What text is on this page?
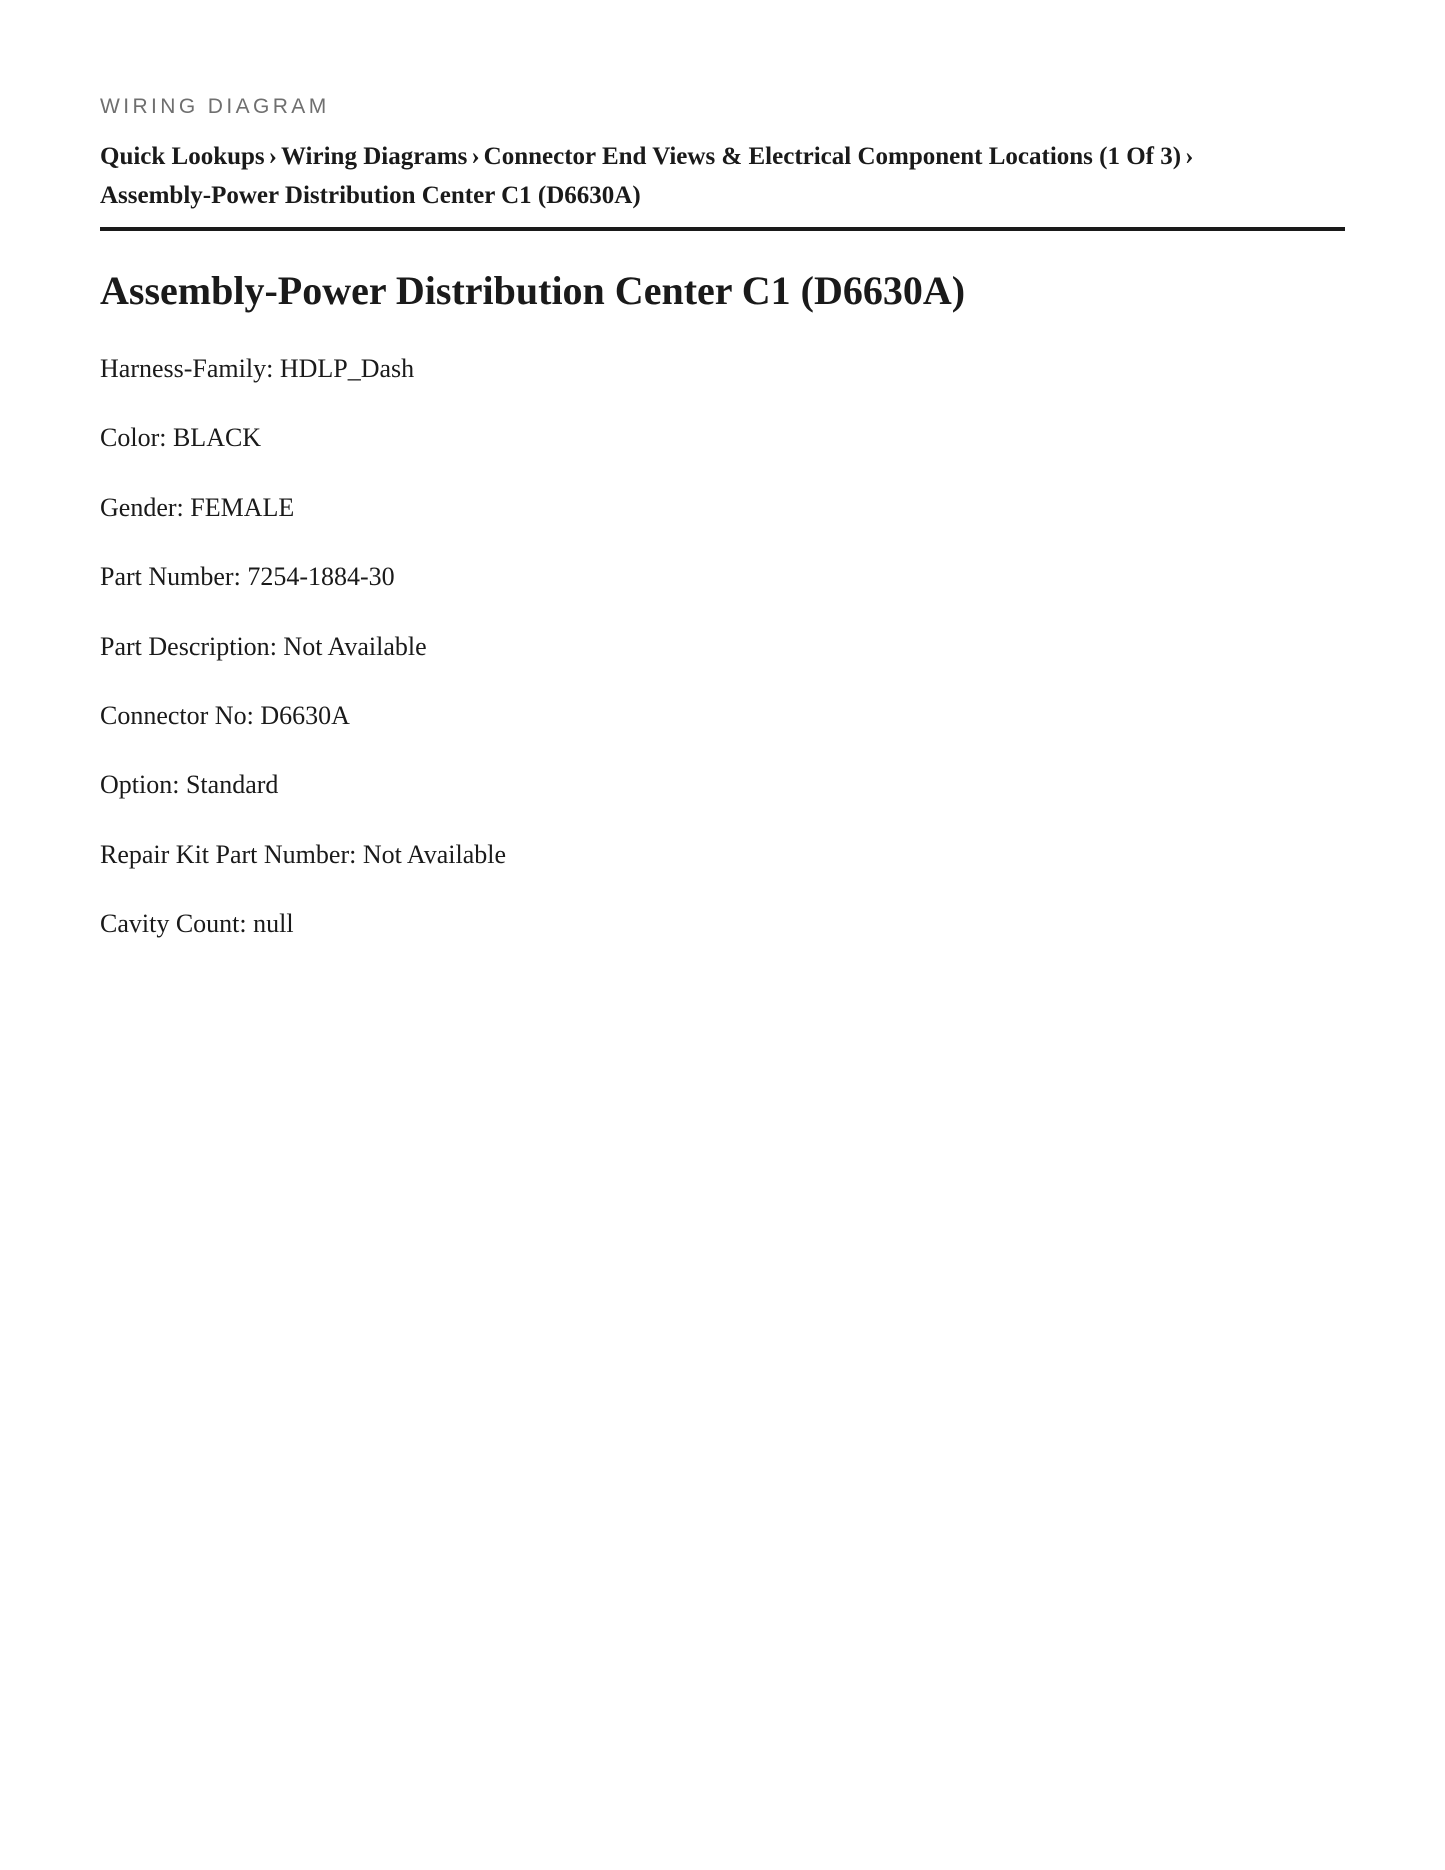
WIRING DIAGRAM
Quick Lookups › Wiring Diagrams › Connector End Views & Electrical Component Locations (1 Of 3) ›
Assembly-Power Distribution Center C1 (D6630A)
Assembly-Power Distribution Center C1 (D6630A)
Harness-Family: HDLP_Dash
Color: BLACK
Gender: FEMALE
Part Number: 7254-1884-30
Part Description: Not Available
Connector No: D6630A
Option: Standard
Repair Kit Part Number: Not Available
Cavity Count: null
